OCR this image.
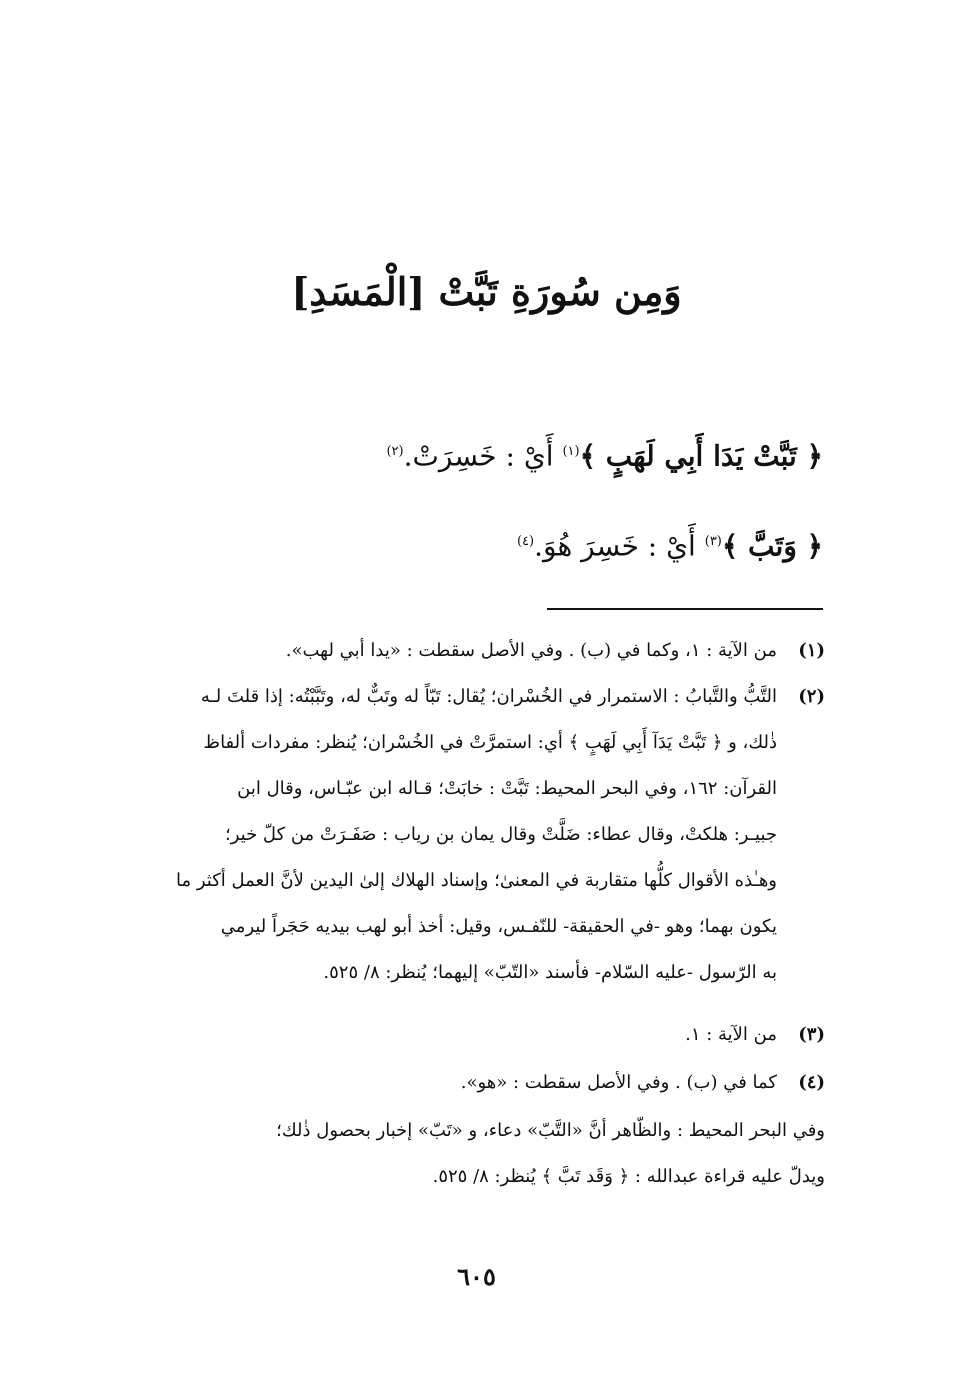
وَمِن سُورَةِ تَبَّتْ [الْمَسَدِ]
﴿ تَبَّتْ يَدَا أَبِي لَهَبٍ ﴾$^{(١)}$ أَيْ : خَسِرَتْ.$^{(٢)}$
﴿ وَتَبَّ ﴾$^{(٣)}$ أَيْ : خَسِرَ هُوَ.$^{(٤)}$
(١)
من الآية : ١، وكما في (ب) . وفي الأصل سقطت : «يدا أبي لهب».
(٢)
التَّبُّ والتَّبابُ : الاستمرار في الخُسْران؛ يُقال: تَبّاً له وتَبٌّ له، وتَبَّبْتُه: إذا قلتَ لـه
ذٰلك، و ﴿ تَبَّتْ يَدَآ أَبِي لَهَبٍ ﴾ أي: استمرَّتْ في الخُسْران؛ يُنظر: مفردات ألفاظ
القرآن: ١٦٢، وفي البحر المحيط: تَبَّتْ : خابَتْ؛ قـاله ابن عبّـاس، وقال ابن
جبيـر: هلكتْ، وقال عطاء: ضَلَّتْ وقال يمان بن رياب : صَفَـرَتْ من كلّ خير؛
وهـٰذه الأقوال كلُّها متقاربة في المعنىٰ؛ وإسناد الهلاك إلىٰ اليدين لأنَّ العمل أكثر ما
يكون بهما؛ وهو -في الحقيقة- للنّفـس، وقيل: أخذ أبو لهب بيديه حَجَراً ليرمي
به الرّسول -عليه السّلام- فأسند «التّبّ» إليهما؛ يُنظر: ٨/ ٥٢٥.
(٣)
من الآية : ١.
(٤)
كما في (ب) . وفي الأصل سقطت : «هو».
وفي البحر المحيط : والظّاهر أنَّ «التَّبّ» دعاء، و «تَبّ» إخبار بحصول ذٰلك؛
ويدلّ عليه قراءة عبدالله : ﴿ وَقَد تَبَّ ﴾ يُنظر: ٨/ ٥٢٥.
٦٠٥
